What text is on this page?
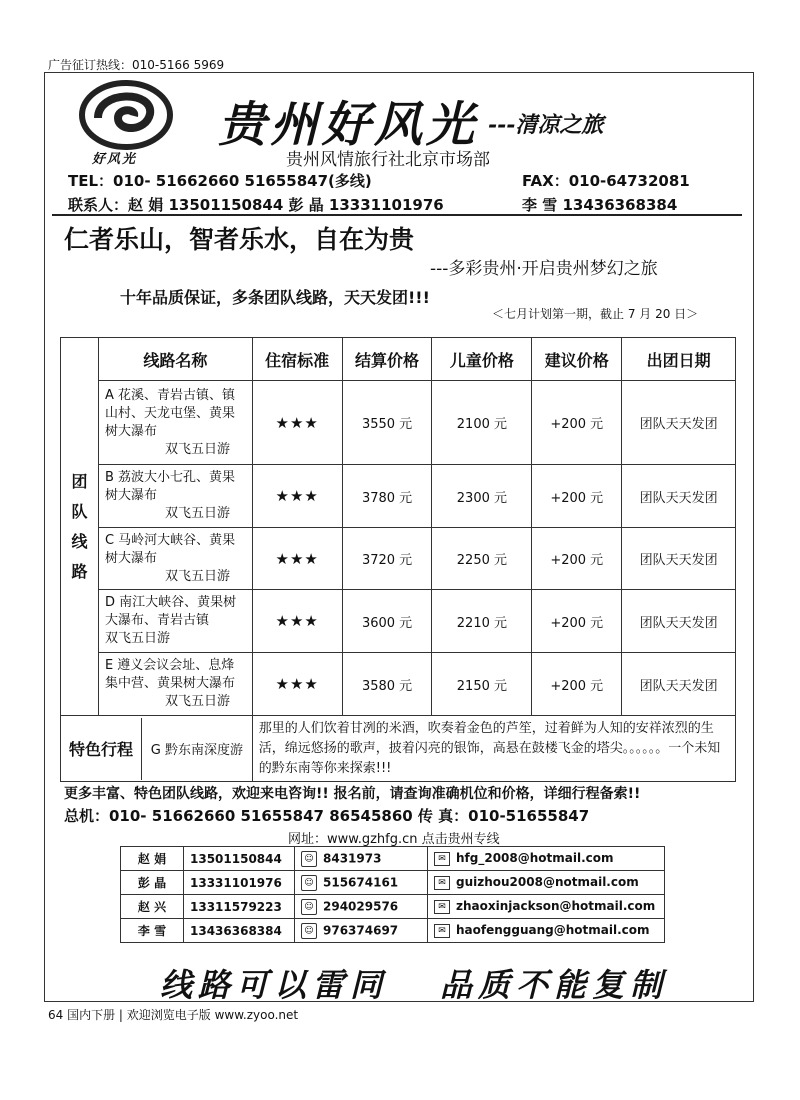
广告征订热线：010-5166 5969
好风光
贵州好风光 ---清凉之旅
贵州风情旅行社北京市场部
TEL：010- 51662660 51655847(多线)	FAX：010-64732081
联系人：赵 娟 13501150844 彭 晶 13331101976	李 雪 13436368384
仁者乐山，智者乐水，自在为贵
---多彩贵州·开启贵州梦幻之旅
十年品质保证，多条团队线路，天天发团!!!
＜七月计划第一期，截止 7 月 20 日＞
团
队
线
路	线路名称	住宿标准	结算价格	儿童价格	建议价格	出团日期
	A 花溪、青岩古镇、镇山村、天龙屯堡、黄果树大瀑布
双飞五日游	★★★	3550 元	2100 元	+200 元	团队天天发团
	B 荔波大小七孔、黄果树大瀑布
双飞五日游	★★★	3780 元	2300 元	+200 元	团队天天发团
	C 马岭河大峡谷、黄果树大瀑布
双飞五日游	★★★	3720 元	2250 元	+200 元	团队天天发团
	D 南江大峡谷、黄果树大瀑布、青岩古镇
双飞五日游	★★★	3600 元	2210 元	+200 元	团队天天发团
	E 遵义会议会址、息烽集中营、黄果树大瀑布
双飞五日游	★★★	3580 元	2150 元	+200 元	团队天天发团

特色行程 G 黔东南深度游		那里的人们饮着甘冽的米酒，吹奏着金色的芦笙，过着鲜为人知的安祥浓烈的生活，绵远悠扬的歌声，披着闪亮的银饰，高悬在鼓楼飞金的塔尖。。。。。。一个未知的黔东南等你来探索!!!				
更多丰富、特色团队线路，欢迎来电咨询!! 报名前，请查询准确机位和价格，详细行程备索!!
总机：010- 51662660 51655847 86545860 传 真：010-51655847
网址：www.gzhfg.cn 点击贵州专线
赵 娟	13501150844	☺ 8431973	✉ hfg_2008@hotmail.com
彭 晶	13331101976	☺ 515674161	✉ guizhou2008@notmail.com
赵 兴	13311579223	☺ 294029576	✉ zhaoxinjackson@hotmail.com
李 雪	13436368384	☺ 976374697	✉ haofengguang@hotmail.com
线路可以雷同 品质不能复制
64 国内下册 | 欢迎浏览电子版 www.zyoo.net
